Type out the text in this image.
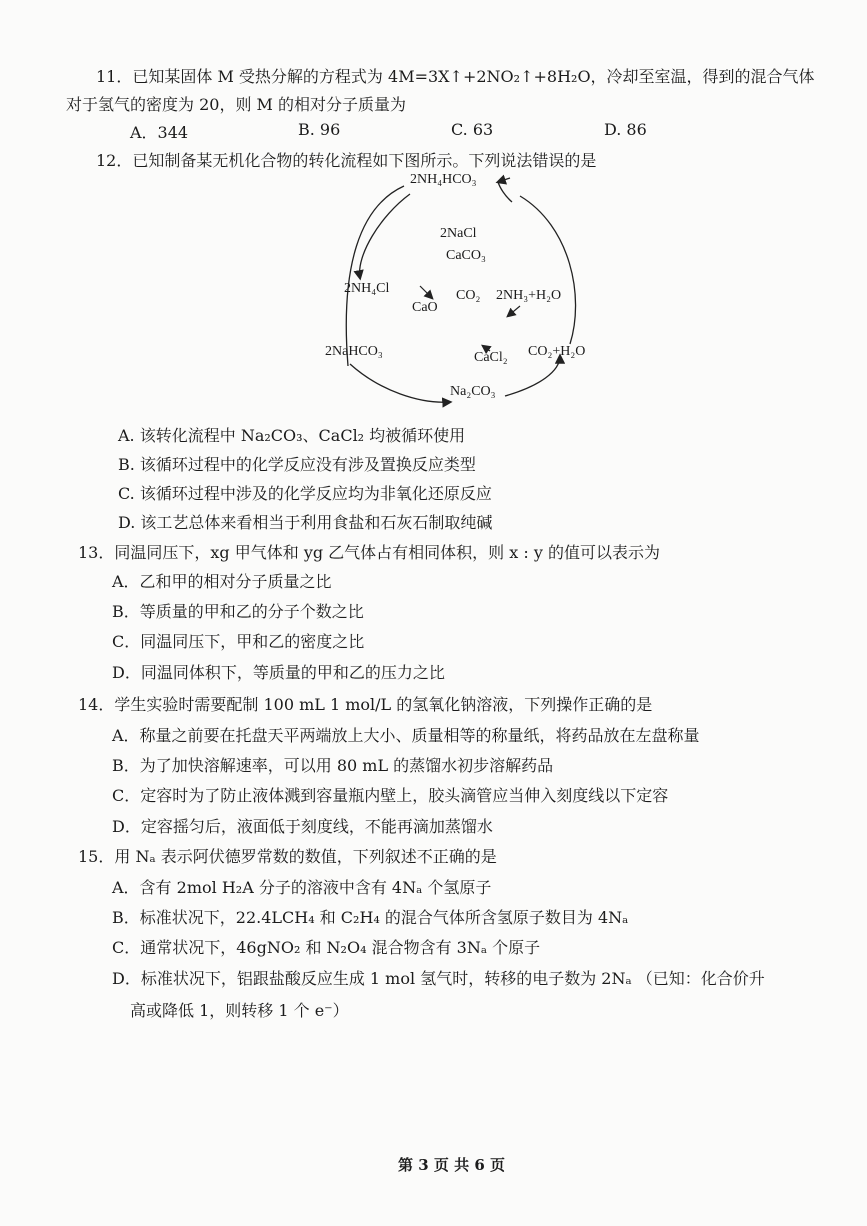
11．已知某固体 M 受热分解的方程式为 4M=3X↑+2NO₂↑+8H₂O，冷却至室温，得到的混合气体
对于氢气的密度为 20，则 M 的相对分子质量为
A．344	B. 96	C. 63	D. 86
12．已知制备某无机化合物的转化流程如下图所示。下列说法错误的是
2NH₄HCO₃
2NaCl
CaCO₃
2NH₄Cl
CaO
CO₂ 2NH₃+H₂O
2NaHCO₃	CaCl₂ CO₂+H₂O
Na₂CO₃
A. 该转化流程中 Na₂CO₃、CaCl₂ 均被循环使用
B. 该循环过程中的化学反应没有涉及置换反应类型
C. 该循环过程中涉及的化学反应均为非氧化还原反应
D. 该工艺总体来看相当于利用食盐和石灰石制取纯碱
13．同温同压下，xg 甲气体和 yg 乙气体占有相同体积，则 x : y 的值可以表示为
A．乙和甲的相对分子质量之比
B．等质量的甲和乙的分子个数之比
C．同温同压下，甲和乙的密度之比
D．同温同体积下，等质量的甲和乙的压力之比
14．学生实验时需要配制 100 mL 1 mol/L 的氢氧化钠溶液，下列操作正确的是
A．称量之前要在托盘天平两端放上大小、质量相等的称量纸，将药品放在左盘称量
B．为了加快溶解速率，可以用 80 mL 的蒸馏水初步溶解药品
C．定容时为了防止液体溅到容量瓶内壁上，胶头滴管应当伸入刻度线以下定容
D．定容摇匀后，液面低于刻度线，不能再滴加蒸馏水
15．用 Nₐ 表示阿伏德罗常数的数值，下列叙述不正确的是
A．含有 2mol H₂A 分子的溶液中含有 4Nₐ 个氢原子
B．标准状况下，22.4LCH₄ 和 C₂H₄ 的混合气体所含氢原子数目为 4Nₐ
C．通常状况下，46gNO₂ 和 N₂O₄ 混合物含有 3Nₐ 个原子
D．标准状况下，铝跟盐酸反应生成 1 mol 氢气时，转移的电子数为 2Nₐ （已知：化合价升
高或降低 1，则转移 1 个 e⁻）
第 3 页 共 6 页
